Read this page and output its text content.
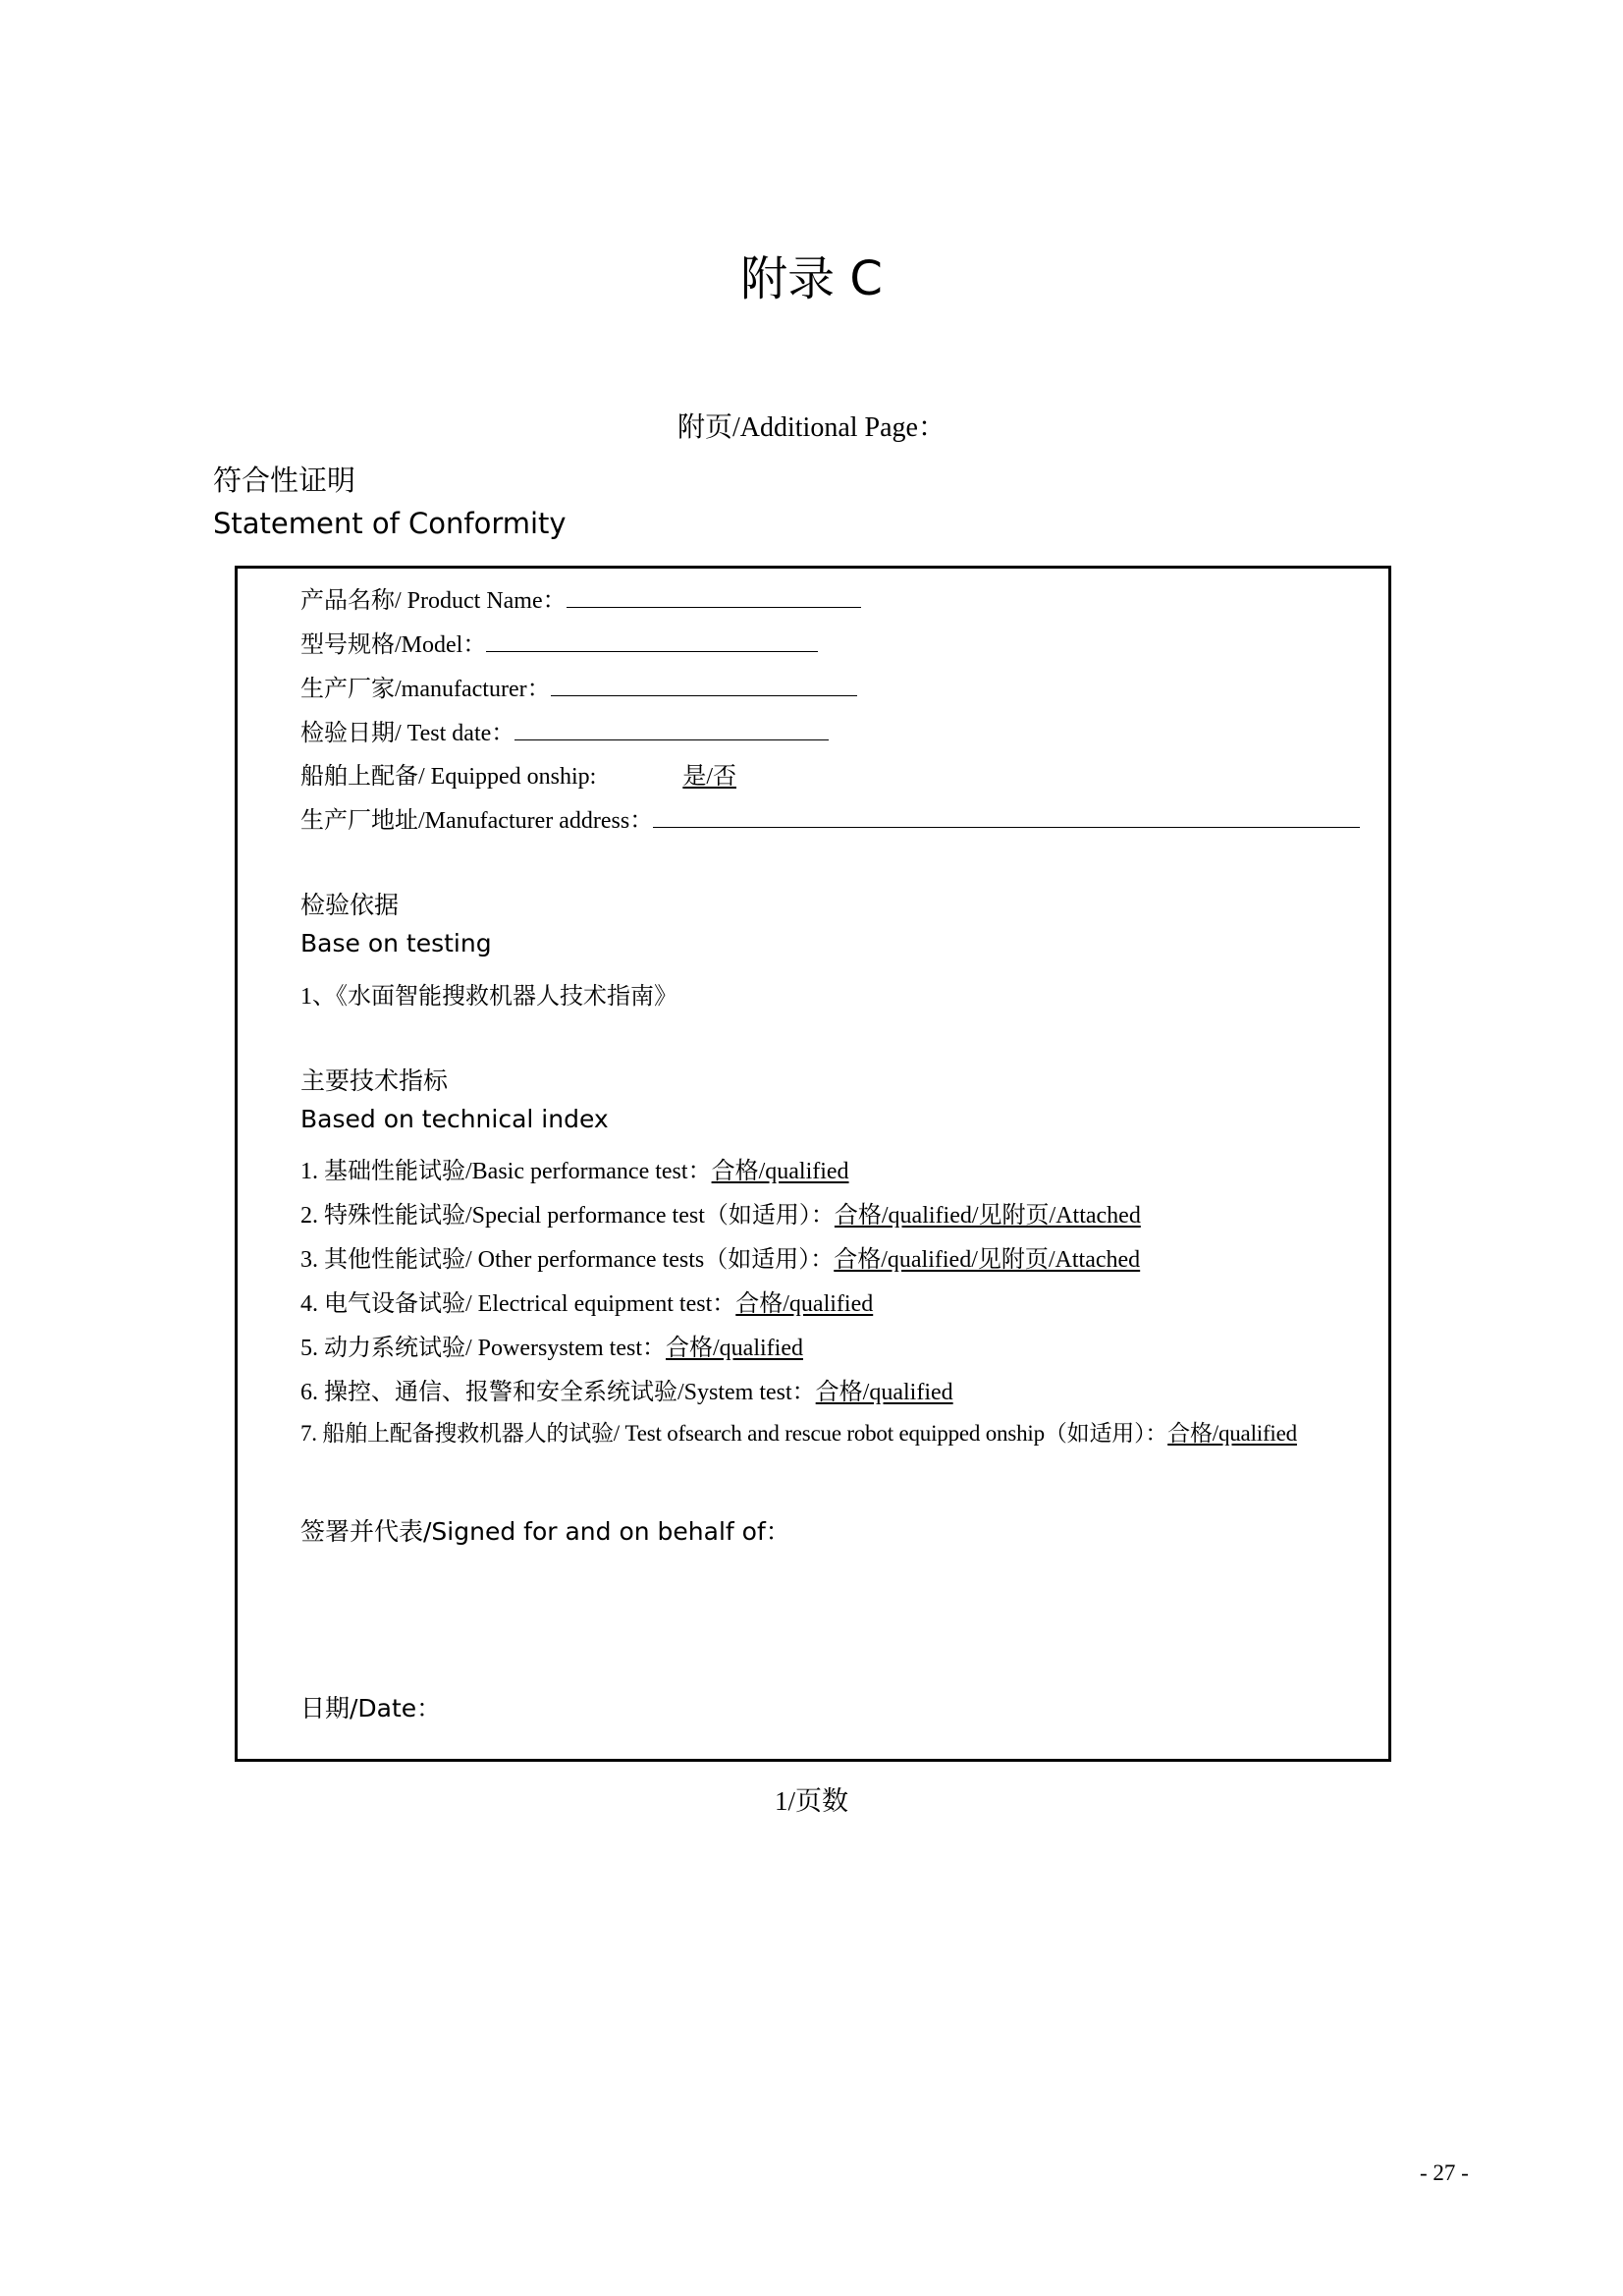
附录 C
附页/Additional Page：
符合性证明
Statement of Conformity
产品名称/ Product Name：
型号规格/Model：
生产厂家/manufacturer：
检验日期/ Test date：
船舶上配备/ Equipped onship:	是/否
生产厂地址/Manufacturer address：
检验依据
Base on testing
1、《水面智能搜救机器人技术指南》
主要技术指标
Based on technical index
1. 基础性能试验/Basic performance test：合格/qualified
2. 特殊性能试验/Special performance test（如适用）：合格/qualified/见附页/Attached
3. 其他性能试验/ Other performance tests（如适用）：合格/qualified/见附页/Attached
4. 电气设备试验/ Electrical equipment test：合格/qualified
5. 动力系统试验/ Powersystem test：合格/qualified
6. 操控、通信、报警和安全系统试验/System test：合格/qualified
7. 船舶上配备搜救机器人的试验/ Test ofsearch and rescue robot equipped onship（如适用）：合格/qualified
签署并代表/Signed for and on behalf of：
日期/Date：
1/页数
- 27 -
